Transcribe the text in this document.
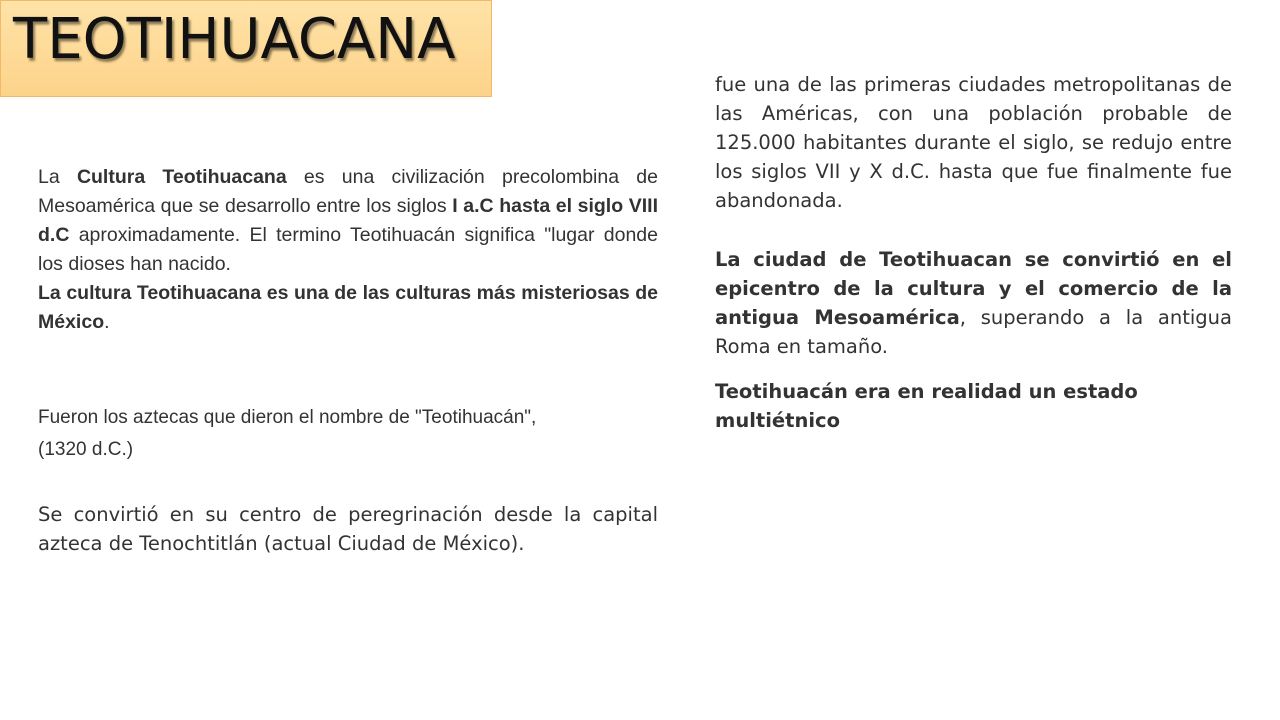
TEOTIHUACANA

La Cultura Teotihuacana es una civilización precolombina de Mesoamérica que se desarrollo entre los siglos I a.C hasta el siglo VIII d.C aproximadamente. El termino Teotihuacán significa "lugar donde los dioses han nacido.

La cultura Teotihuacana es una de las culturas más misteriosas de México.

Fueron los aztecas que dieron el nombre de "Teotihuacán", (1320 d.C.)
Se convirtió en su centro de peregrinación desde la capital azteca de Tenochtitlán (actual Ciudad de México).
fue una de las primeras ciudades metropolitanas de las Américas, con una población probable de 125.000 habitantes durante el siglo, se redujo entre los siglos VII y X d.C. hasta que fue finalmente fue abandonada.
La ciudad de Teotihuacan se convirtió en el epicentro de la cultura y el comercio de la antigua Mesoamérica, superando a la antigua Roma en tamaño.
Teotihuacán era en realidad un estado multiétnico
